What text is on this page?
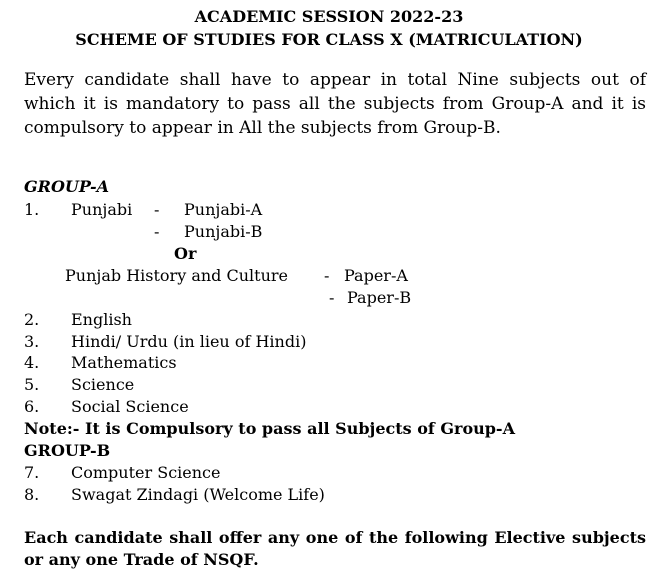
ACADEMIC SESSION 2022-23
SCHEME OF STUDIES FOR CLASS X (MATRICULATION)
Every candidate shall have to appear in total Nine subjects out of which it is mandatory to pass all the subjects from Group-A and it is compulsory to appear in All the subjects from Group-B.
GROUP-A
1. Punjabi - Punjabi-A
- Punjabi-B
Or
Punjab History and Culture - Paper-A
- Paper-B
2. English
3. Hindi/ Urdu (in lieu of Hindi)
4. Mathematics
5. Science
6. Social Science
Note:- It is Compulsory to pass all Subjects of Group-A
GROUP-B
7. Computer Science
8. Swagat Zindagi (Welcome Life)
Each candidate shall offer any one of the following Elective subjects or any one Trade of NSQF.
